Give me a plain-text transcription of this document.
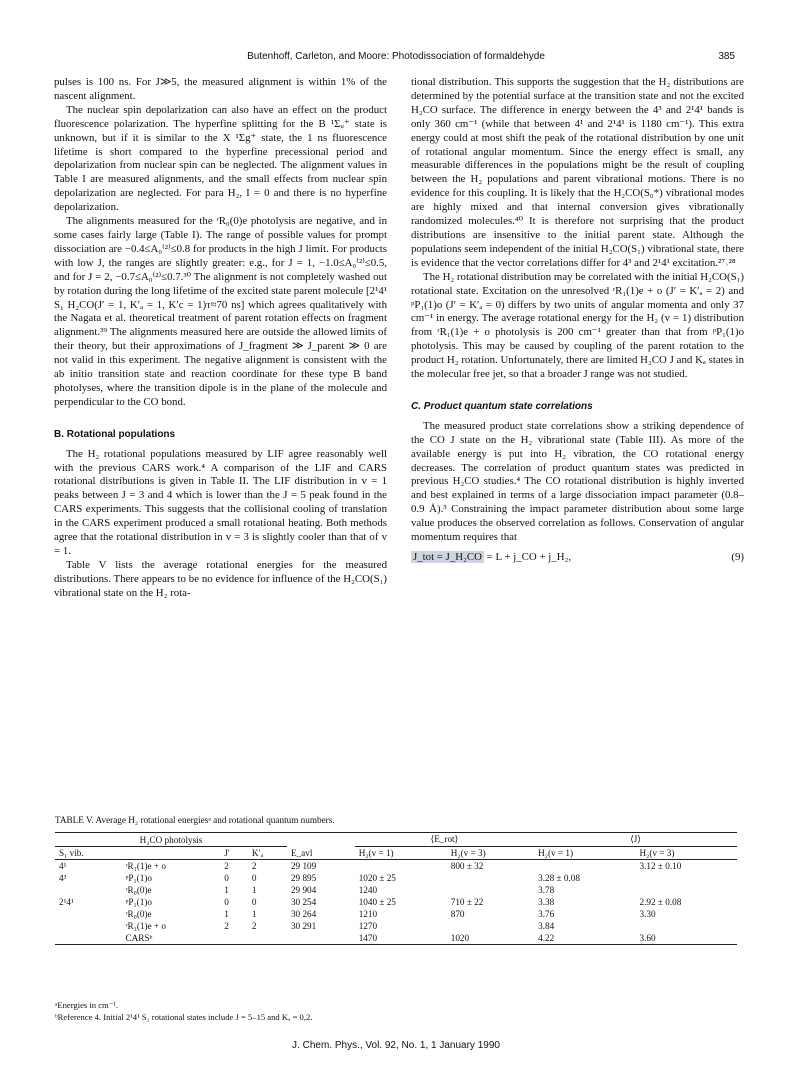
Butenhoff, Carleton, and Moore: Photodissociation of formaldehyde	385

pulses is 100 ns. For J≫5, the measured alignment is within 1% of the nascent alignment.

The nuclear spin depolarization can also have an effect on the product fluorescence polarization. The hyperfine splitting for the B ¹Σᵤ⁺ state is unknown, but if it is similar to the X ¹Σg⁺ state, the 1 ns fluorescence lifetime is short compared to the hyperfine precessional period and depolarization from nuclear spin can be neglected. The alignment values in Table I are measured alignments, and the small effects from nuclear spin depolarization are neglected. For para H₂, I = 0 and there is no hyperfine depolarization.

The alignments measured for the ʳR₀(0)e photolysis are negative, and in some cases fairly large (Table I). The range of possible values for prompt dissociation are −0.4≤A₀⁽²⁾≤0.8 for products in the high J limit. For products with low J, the ranges are slightly greater: e.g., for J = 1, −1.0≤A₀⁽²⁾≤0.5, and for J = 2, −0.7≤A₀⁽²⁾≤0.7.³⁰ The alignment is not completely washed out by rotation during the long lifetime of the excited state parent molecule [2¹4¹ S₁ H₂CO(J′ = 1, K′ₐ = 1, K′c = 1)τ≈70 ns] which agrees qualitatively with the Nagata et al. theoretical treatment of parent rotation effects on fragment alignment.³⁹ The alignments measured here are outside the allowed limits of their theory, but their approximations of J_fragment ≫ J_parent ≫ 0 are not valid in this experiment. The negative alignment is consistent with the ab initio transition state and reaction coordinate for these type B band photolyses, where the transition dipole is in the plane of the molecule and perpendicular to the CO bond.

B. Rotational populations

The H₂ rotational populations measured by LIF agree reasonably well with the previous CARS work.⁴ A comparison of the LIF and CARS rotational distributions is given in Table II. The LIF distribution in v = 1 peaks between J = 3 and 4 which is lower than the J = 5 peak found in the CARS experiments. This suggests that the collisional cooling of translation in the CARS experiment produced a small rotational heating. Both methods agree that the rotational distribution in v = 3 is slightly cooler than that of v = 1.

Table V lists the average rotational energies for the measured distributions. There appears to be no evidence for influence of the H₂CO(S₁) vibrational state on the H₂ rota-

tional distribution. This supports the suggestion that the H₂ distributions are determined by the potential surface at the transition state and not the excited H₂CO surface. The difference in energy between the 4³ and 2¹4¹ bands is only 360 cm⁻¹ (while that between 4¹ and 2¹4¹ is 1180 cm⁻¹). This extra energy could at most shift the peak of the rotational distribution by one unit of rotational angular momentum. Since the energy effect is small, any measurable differences in the populations might be the result of coupling between the H₂ populations and parent vibrational motions. There is no evidence for this coupling. It is likely that the H₂CO(S₀*) vibrational modes are highly mixed and that internal conversion gives vibrationally randomized molecules.⁴⁰ It is therefore not surprising that the product distributions are insensitive to the initial parent state. Although the populations seem independent of the initial H₂CO(S₁) vibrational state, there is evidence that the vector correlations differ for 4³ and 2¹4¹ excitation.²⁷˒²⁸

The H₂ rotational distribution may be correlated with the initial H₂CO(S₁) rotational state. Excitation on the unresolved ʳR₁(1)e + o (J′ = K′ₐ = 2) and ᵖP₁(1)o (J′ = K′ₐ = 0) differs by two units of angular momenta and only 37 cm⁻¹ in energy. The average rotational energy for the H₂ (v = 1) distribution from ʳR₁(1)e + o photolysis is 200 cm⁻¹ greater than that from ᵖP₁(1)o photolysis. This may be caused by coupling of the parent rotation to the product H₂ rotation. Unfortunately, there are limited H₂CO J and Kₐ states in the molecular free jet, so that a broader J range was not studied.

C. Product quantum state correlations

The measured product state correlations show a striking dependence of the CO J state on the H₂ vibrational state (Table III). As more of the available energy is put into H₂ vibration, the CO rotational energy decreases. The correlation of product quantum states was predicted in previous H₂CO studies.⁴ The CO rotational distribution is highly inverted and best explained in terms of a large dissociation impact parameter (0.8–0.9 Å).³ Constraining the impact parameter distribution about some large value produces the observed correlation as follows. Conservation of angular momentum requires that

J_tot = J_H₂CO = L + j_CO + j_H₂,	(9)
TABLE V. Average H₂ rotational energiesᵃ and rotational quantum numbers.
H₂CO photolysis					⟨E_rot⟩		⟨J⟩	
S₁ vib.		J′	K′ₐ	E_avl	H₂(v = 1)	H₂(v = 3)	H₂(v = 1)	H₂(v = 3)
4¹	ʳR₁(1)e + o	2	2	29 109		800 ± 32		3.12 ± 0.10
4³	ᵖP₁(1)o	0	0	29 895	1020 ± 25		3.28 ± 0.08	
	ʳR₀(0)e	1	1	29 904	1240		3.78	
2¹4¹	ᵖP₁(1)o	0	0	30 254	1040 ± 25	710 ± 22	3.38	2.92 ± 0.08
	ʳR₀(0)e	1	1	30 264	1210	870	3.76	3.30
	ʳR₁(1)e + o	2	2	30 291	1270		3.84	
	CARSᵇ				1470	1020	4.22	3.60
ᵃEnergies in cm⁻¹.
ᵇReference 4. Initial 2¹4¹ S₁ rotational states include J = 5–15 and Kₐ = 0,2.
J. Chem. Phys., Vol. 92, No. 1, 1 January 1990
